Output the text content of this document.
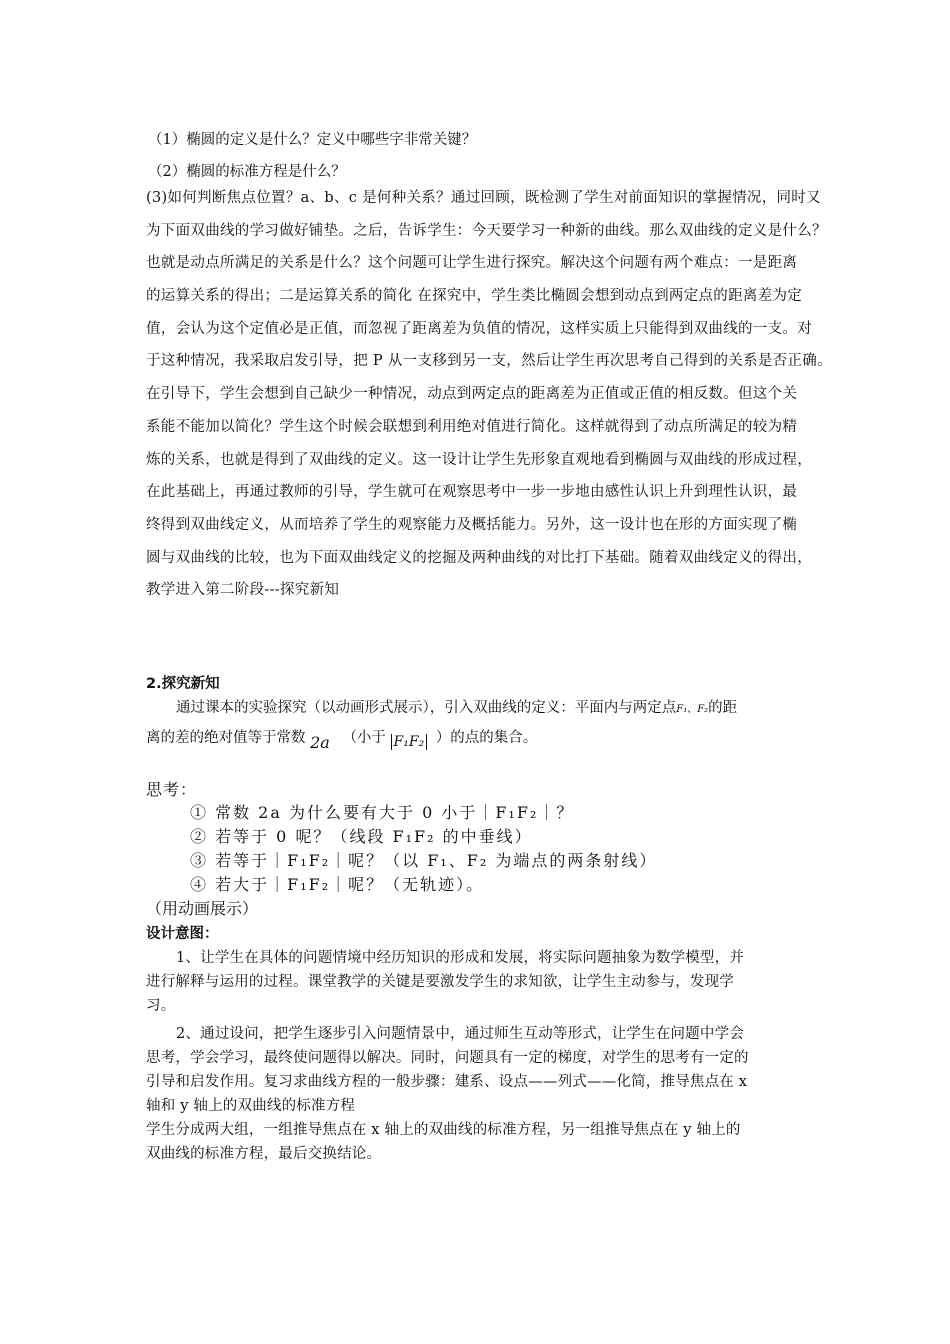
（1）椭圆的定义是什么？定义中哪些字非常关键？
（2）椭圆的标准方程是什么？
(3)如何判断焦点位置？a、b、c 是何种关系？通过回顾，既检测了学生对前面知识的掌握情况，同时又
为下面双曲线的学习做好铺垫。之后，告诉学生：今天要学习一种新的曲线。那么双曲线的定义是什么？
也就是动点所满足的关系是什么？这个问题可让学生进行探究。解决这个问题有两个难点：一是距离
的运算关系的得出；二是运算关系的简化 在探究中，学生类比椭圆会想到动点到两定点的距离差为定
值，会认为这个定值必是正值，而忽视了距离差为负值的情况，这样实质上只能得到双曲线的一支。对
于这种情况，我采取启发引导，把 P 从一支移到另一支，然后让学生再次思考自己得到的关系是否正确。
在引导下，学生会想到自己缺少一种情况，动点到两定点的距离差为正值或正值的相反数。但这个关
系能不能加以简化？学生这个时候会联想到利用绝对值进行简化。这样就得到了动点所满足的较为精
炼的关系，也就是得到了双曲线的定义。这一设计让学生先形象直观地看到椭圆与双曲线的形成过程，
在此基础上，再通过教师的引导，学生就可在观察思考中一步一步地由感性认识上升到理性认识，最
终得到双曲线定义，从而培养了学生的观察能力及概括能力。另外，这一设计也在形的方面实现了椭
圆与双曲线的比较，也为下面双曲线定义的挖掘及两种曲线的对比打下基础。随着双曲线定义的得出，
教学进入第二阶段---探究新知
2.探究新知
通过课本的实验探究（以动画形式展示），引入双曲线的定义：平面内与两定点F₁、F₂的距
离的差的绝对值等于常数 2a （小于 F₁F₂ ）的点的集合。
思考：
① 常数 2a 为什么要有大于 0 小于｜F₁F₂｜？
② 若等于 0 呢？（线段 F₁F₂ 的中垂线）
③ 若等于｜F₁F₂｜呢？（以 F₁、F₂ 为端点的两条射线）
④ 若大于｜F₁F₂｜呢？（无轨迹）。
（用动画展示）
设计意图：
1、让学生在具体的问题情境中经历知识的形成和发展，将实际问题抽象为数学模型，并
进行解释与运用的过程。课堂教学的关键是要激发学生的求知欲，让学生主动参与，发现学
习。
2、通过设问，把学生逐步引入问题情景中，通过师生互动等形式，让学生在问题中学会
思考，学会学习，最终使问题得以解决。同时，问题具有一定的梯度，对学生的思考有一定的
引导和启发作用。复习求曲线方程的一般步骤：建系、设点——列式——化简，推导焦点在 x
轴和 y 轴上的双曲线的标准方程
学生分成两大组，一组推导焦点在 x 轴上的双曲线的标准方程，另一组推导焦点在 y 轴上的
双曲线的标准方程，最后交换结论。
